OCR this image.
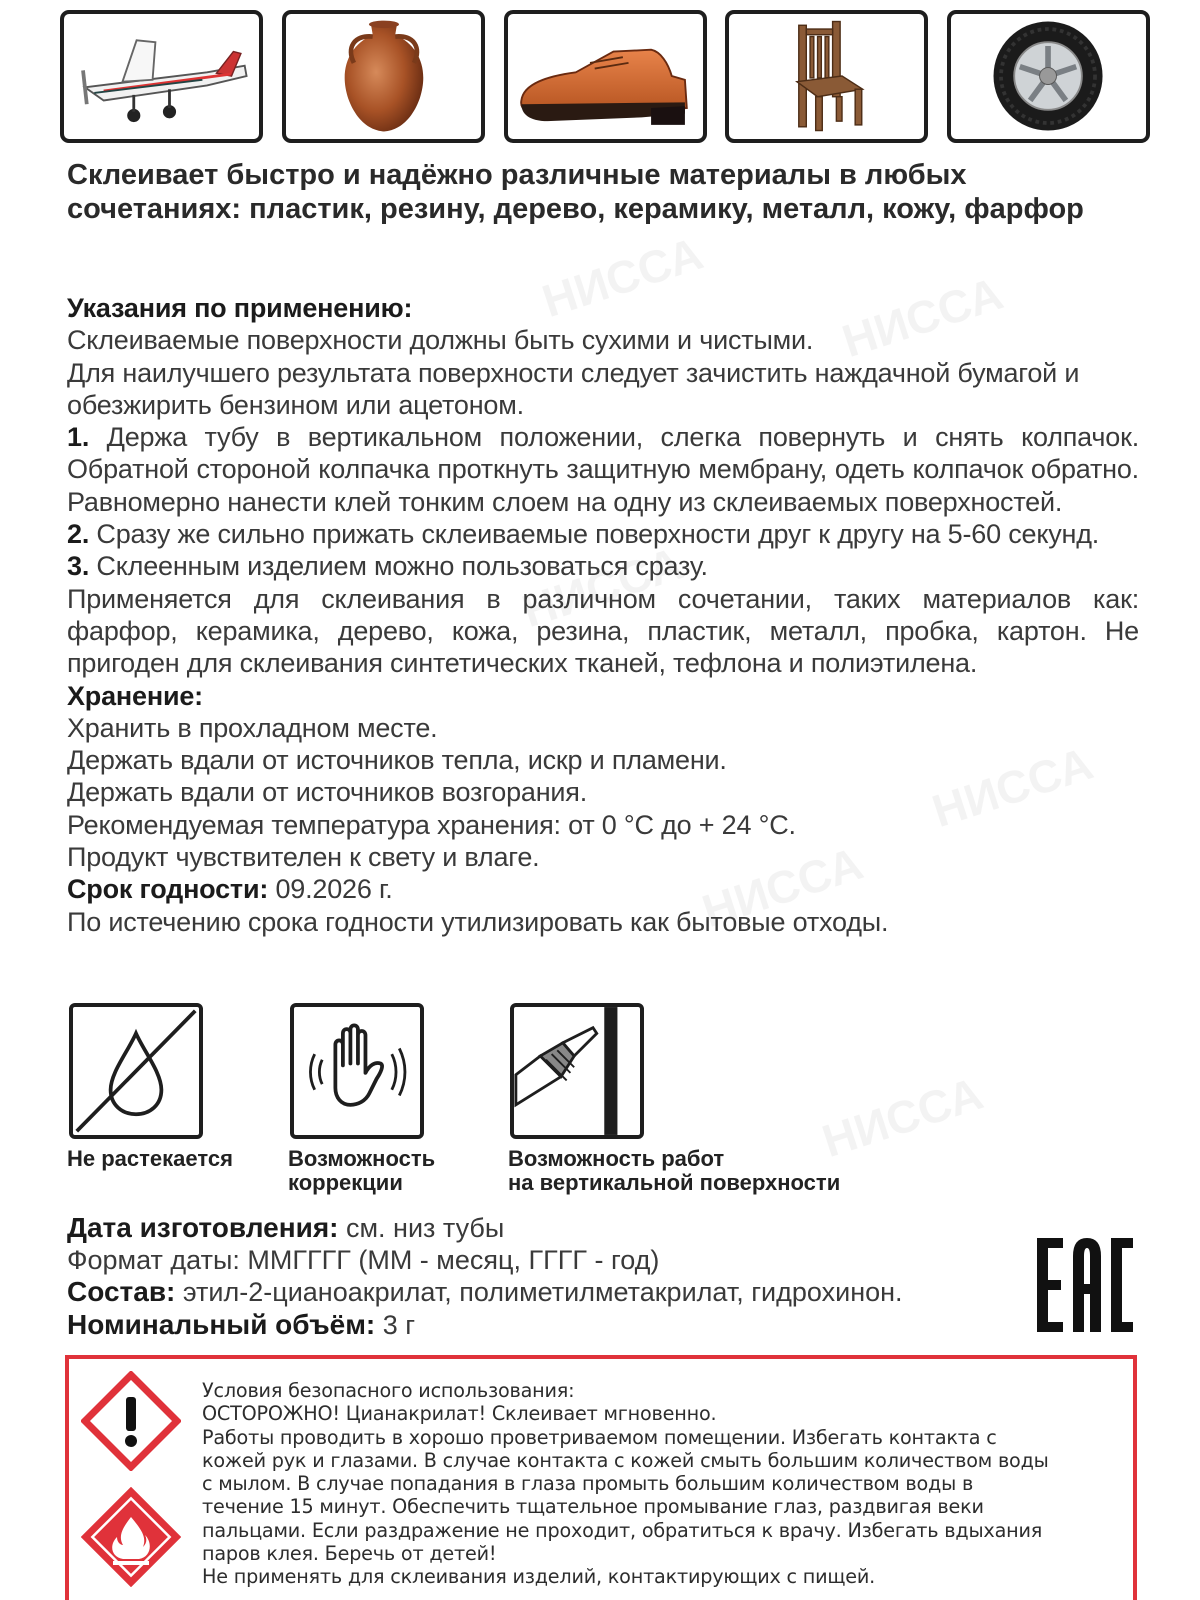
Склеивает быстро и надёжно различные материалы в любых сочетаниях: пластик, резину, дерево, керамику, металл, кожу, фарфор

Указания по применению:

Склеиваемые поверхности должны быть сухими и чистыми.

Для наилучшего результата поверхности следует зачистить наждачной бумагой и обезжирить бензином или ацетоном.

1. Держа тубу в вертикальном положении, слегка повернуть и снять колпачок. Обратной стороной колпачка проткнуть защитную мембрану, одеть колпачок обратно. Равномерно нанести клей тонким слоем на одну из склеиваемых поверхностей.

2. Сразу же сильно прижать склеиваемые поверхности друг к другу на 5-60 секунд.

3. Склеенным изделием можно пользоваться сразу.

Применяется для склеивания в различном сочетании, таких материалов как: фарфор, керамика, дерево, кожа, резина, пластик, металл, пробка, картон. Не пригоден для склеивания синтетических тканей, тефлона и полиэтилена.

Хранение:

Хранить в прохладном месте.

Держать вдали от источников тепла, искр и пламени.

Держать вдали от источников возгорания.

Рекомендуемая температура хранения: от 0 °С до + 24 °С.

Продукт чувствителен к свету и влаге.

Срок годности: 09.2026 г.

По истечению срока годности утилизировать как бытовые отходы.

Не растекается	Возможность
коррекции
Возможность работ
на вертикальной поверхности

Дата изготовления: см. низ тубы

Формат даты: ММГГГГ (ММ - месяц, ГГГГ - год)

Состав: этил-2-цианоакрилат, полиметилметакрилат, гидрохинон.

Номинальный объём: 3 г

Условия безопасного использования:
ОСТОРОЖНО! Цианакрилат! Склеивает мгновенно.
Работы проводить в хорошо проветриваемом помещении. Избегать контакта с
кожей рук и глазами. В случае контакта с кожей смыть большим количеством воды
с мылом. В случае попадания в глаза промыть большим количеством воды в
течение 15 минут. Обеспечить тщательное промывание глаз, раздвигая веки
пальцами. Если раздражение не проходит, обратиться к врачу. Избегать вдыхания
паров клея. Беречь от детей!
Не применять для склеивания изделий, контактирующих с пищей.
